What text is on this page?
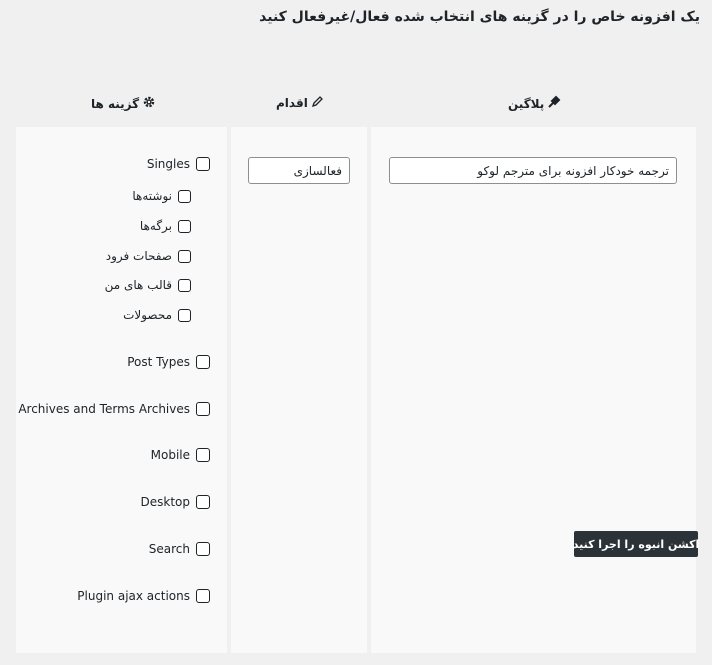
یک افزونه خاص را در گزینه های انتخاب شده فعال/غیرفعال کنید
پلاگین
اقدام
گزینه ها
ترجمه خودکار افزونه برای مترجم لوکو
فعالسازی
Singles
نوشته‌ها
برگه‌ها
صفحات فرود
قالب های من
محصولات
Post Types
Archives and Terms Archives
Mobile
Desktop
Search
Plugin ajax actions
اکشن انبوه را اجرا کنید
